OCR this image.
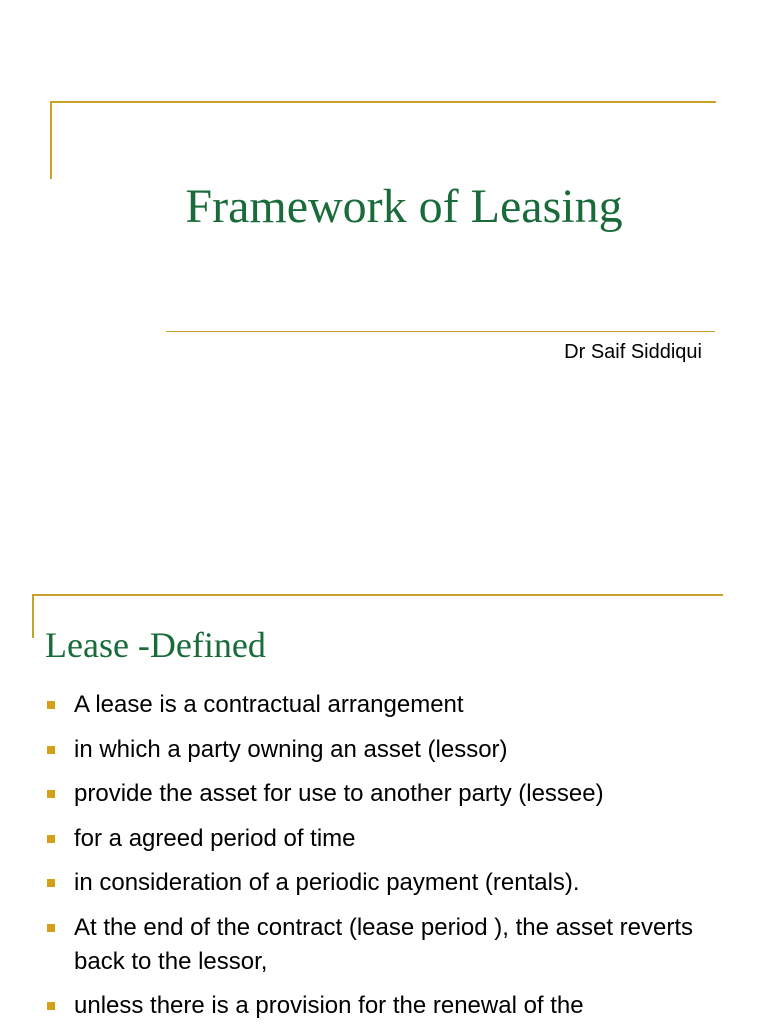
Framework of Leasing
Dr Saif Siddiqui
Lease -Defined
A lease is a contractual arrangement
in which a party owning an asset (lessor)
provide the asset for use to another party (lessee)
for a agreed period of time
in consideration of a periodic payment (rentals).
At the end of the contract (lease period ), the asset reverts back to the lessor,
unless there is a provision for the renewal of the
